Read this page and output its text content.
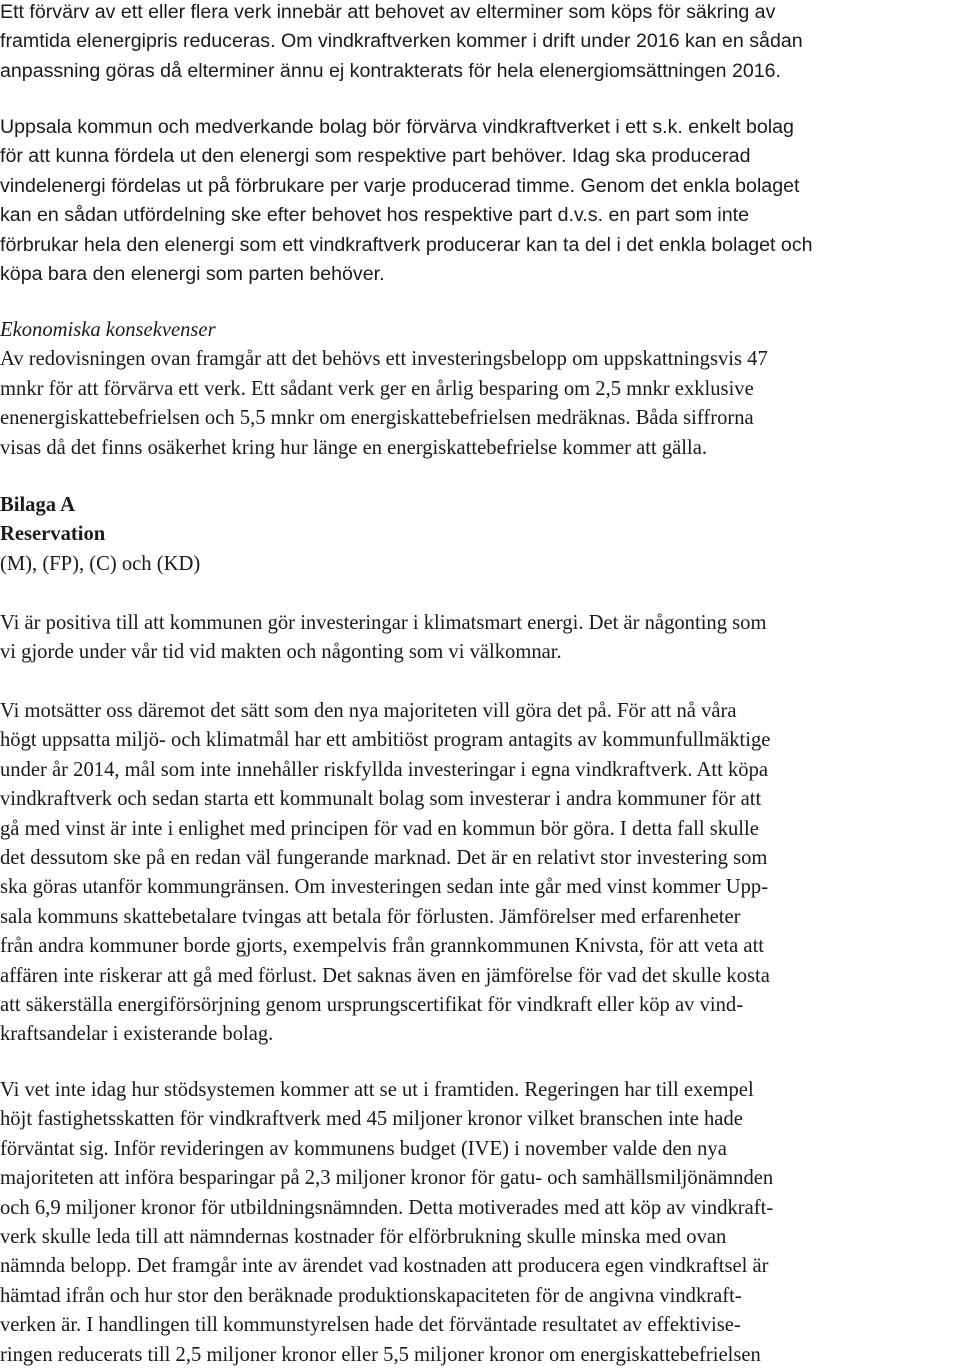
Ett förvärv av ett eller flera verk innebär att behovet av elterminer som köps för säkring av
framtida elenergipris reduceras. Om vindkraftverken kommer i drift under 2016 kan en sådan
anpassning göras då elterminer ännu ej kontrakterats för hela elenergiomsättningen 2016.
Uppsala kommun och medverkande bolag bör förvärva vindkraftverket i ett s.k. enkelt bolag
för att kunna fördela ut den elenergi som respektive part behöver. Idag ska producerad
vindelenergi fördelas ut på förbrukare per varje producerad timme. Genom det enkla bolaget
kan en sådan utfördelning ske efter behovet hos respektive part d.v.s. en part som inte
förbrukar hela den elenergi som ett vindkraftverk producerar kan ta del i det enkla bolaget och
köpa bara den elenergi som parten behöver.
Ekonomiska konsekvenser
Av redovisningen ovan framgår att det behövs ett investeringsbelopp om uppskattningsvis 47
mnkr för att förvärva ett verk. Ett sådant verk ger en årlig besparing om 2,5 mnkr exklusive
enenergiskattebefrielsen och 5,5 mnkr om energiskattebefrielsen medräknas. Båda siffrorna
visas då det finns osäkerhet kring hur länge en energiskattebefrielse kommer att gälla.
Bilaga A
Reservation
(M), (FP), (C) och (KD)
Vi är positiva till att kommunen gör investeringar i klimatsmart energi. Det är någonting som
vi gjorde under vår tid vid makten och någonting som vi välkomnar.
Vi motsätter oss däremot det sätt som den nya majoriteten vill göra det på. För att nå våra
högt uppsatta miljö- och klimatmål har ett ambitiöst program antagits av kommunfullmäktige
under år 2014, mål som inte innehåller riskfyllda investeringar i egna vindkraftverk. Att köpa
vindkraftverk och sedan starta ett kommunalt bolag som investerar i andra kommuner för att
gå med vinst är inte i enlighet med principen för vad en kommun bör göra. I detta fall skulle
det dessutom ske på en redan väl fungerande marknad. Det är en relativt stor investering som
ska göras utanför kommungränsen. Om investeringen sedan inte går med vinst kommer Upp-
sala kommuns skattebetalare tvingas att betala för förlusten. Jämförelser med erfarenheter
från andra kommuner borde gjorts, exempelvis från grannkommunen Knivsta, för att veta att
affären inte riskerar att gå med förlust. Det saknas även en jämförelse för vad det skulle kosta
att säkerställa energiförsörjning genom ursprungscertifikat för vindkraft eller köp av vind-
kraftsandelar i existerande bolag.
Vi vet inte idag hur stödsystemen kommer att se ut i framtiden. Regeringen har till exempel
höjt fastighetsskatten för vindkraftverk med 45 miljoner kronor vilket branschen inte hade
förväntat sig. Inför revideringen av kommunens budget (IVE) i november valde den nya
majoriteten att införa besparingar på 2,3 miljoner kronor för gatu- och samhällsmiljönämnden
och 6,9 miljoner kronor för utbildningsnämnden. Detta motiverades med att köp av vindkraft-
verk skulle leda till att nämndernas kostnader för elförbrukning skulle minska med ovan
nämnda belopp. Det framgår inte av ärendet vad kostnaden att producera egen vindkraftsel är
hämtad ifrån och hur stor den beräknade produktionskapaciteten för de angivna vindkraft-
verken är. I handlingen till kommunstyrelsen hade det förväntade resultatet av effektivise-
ringen reducerats till 2,5 miljoner kronor eller 5,5 miljoner kronor om energiskattebefrielsen
